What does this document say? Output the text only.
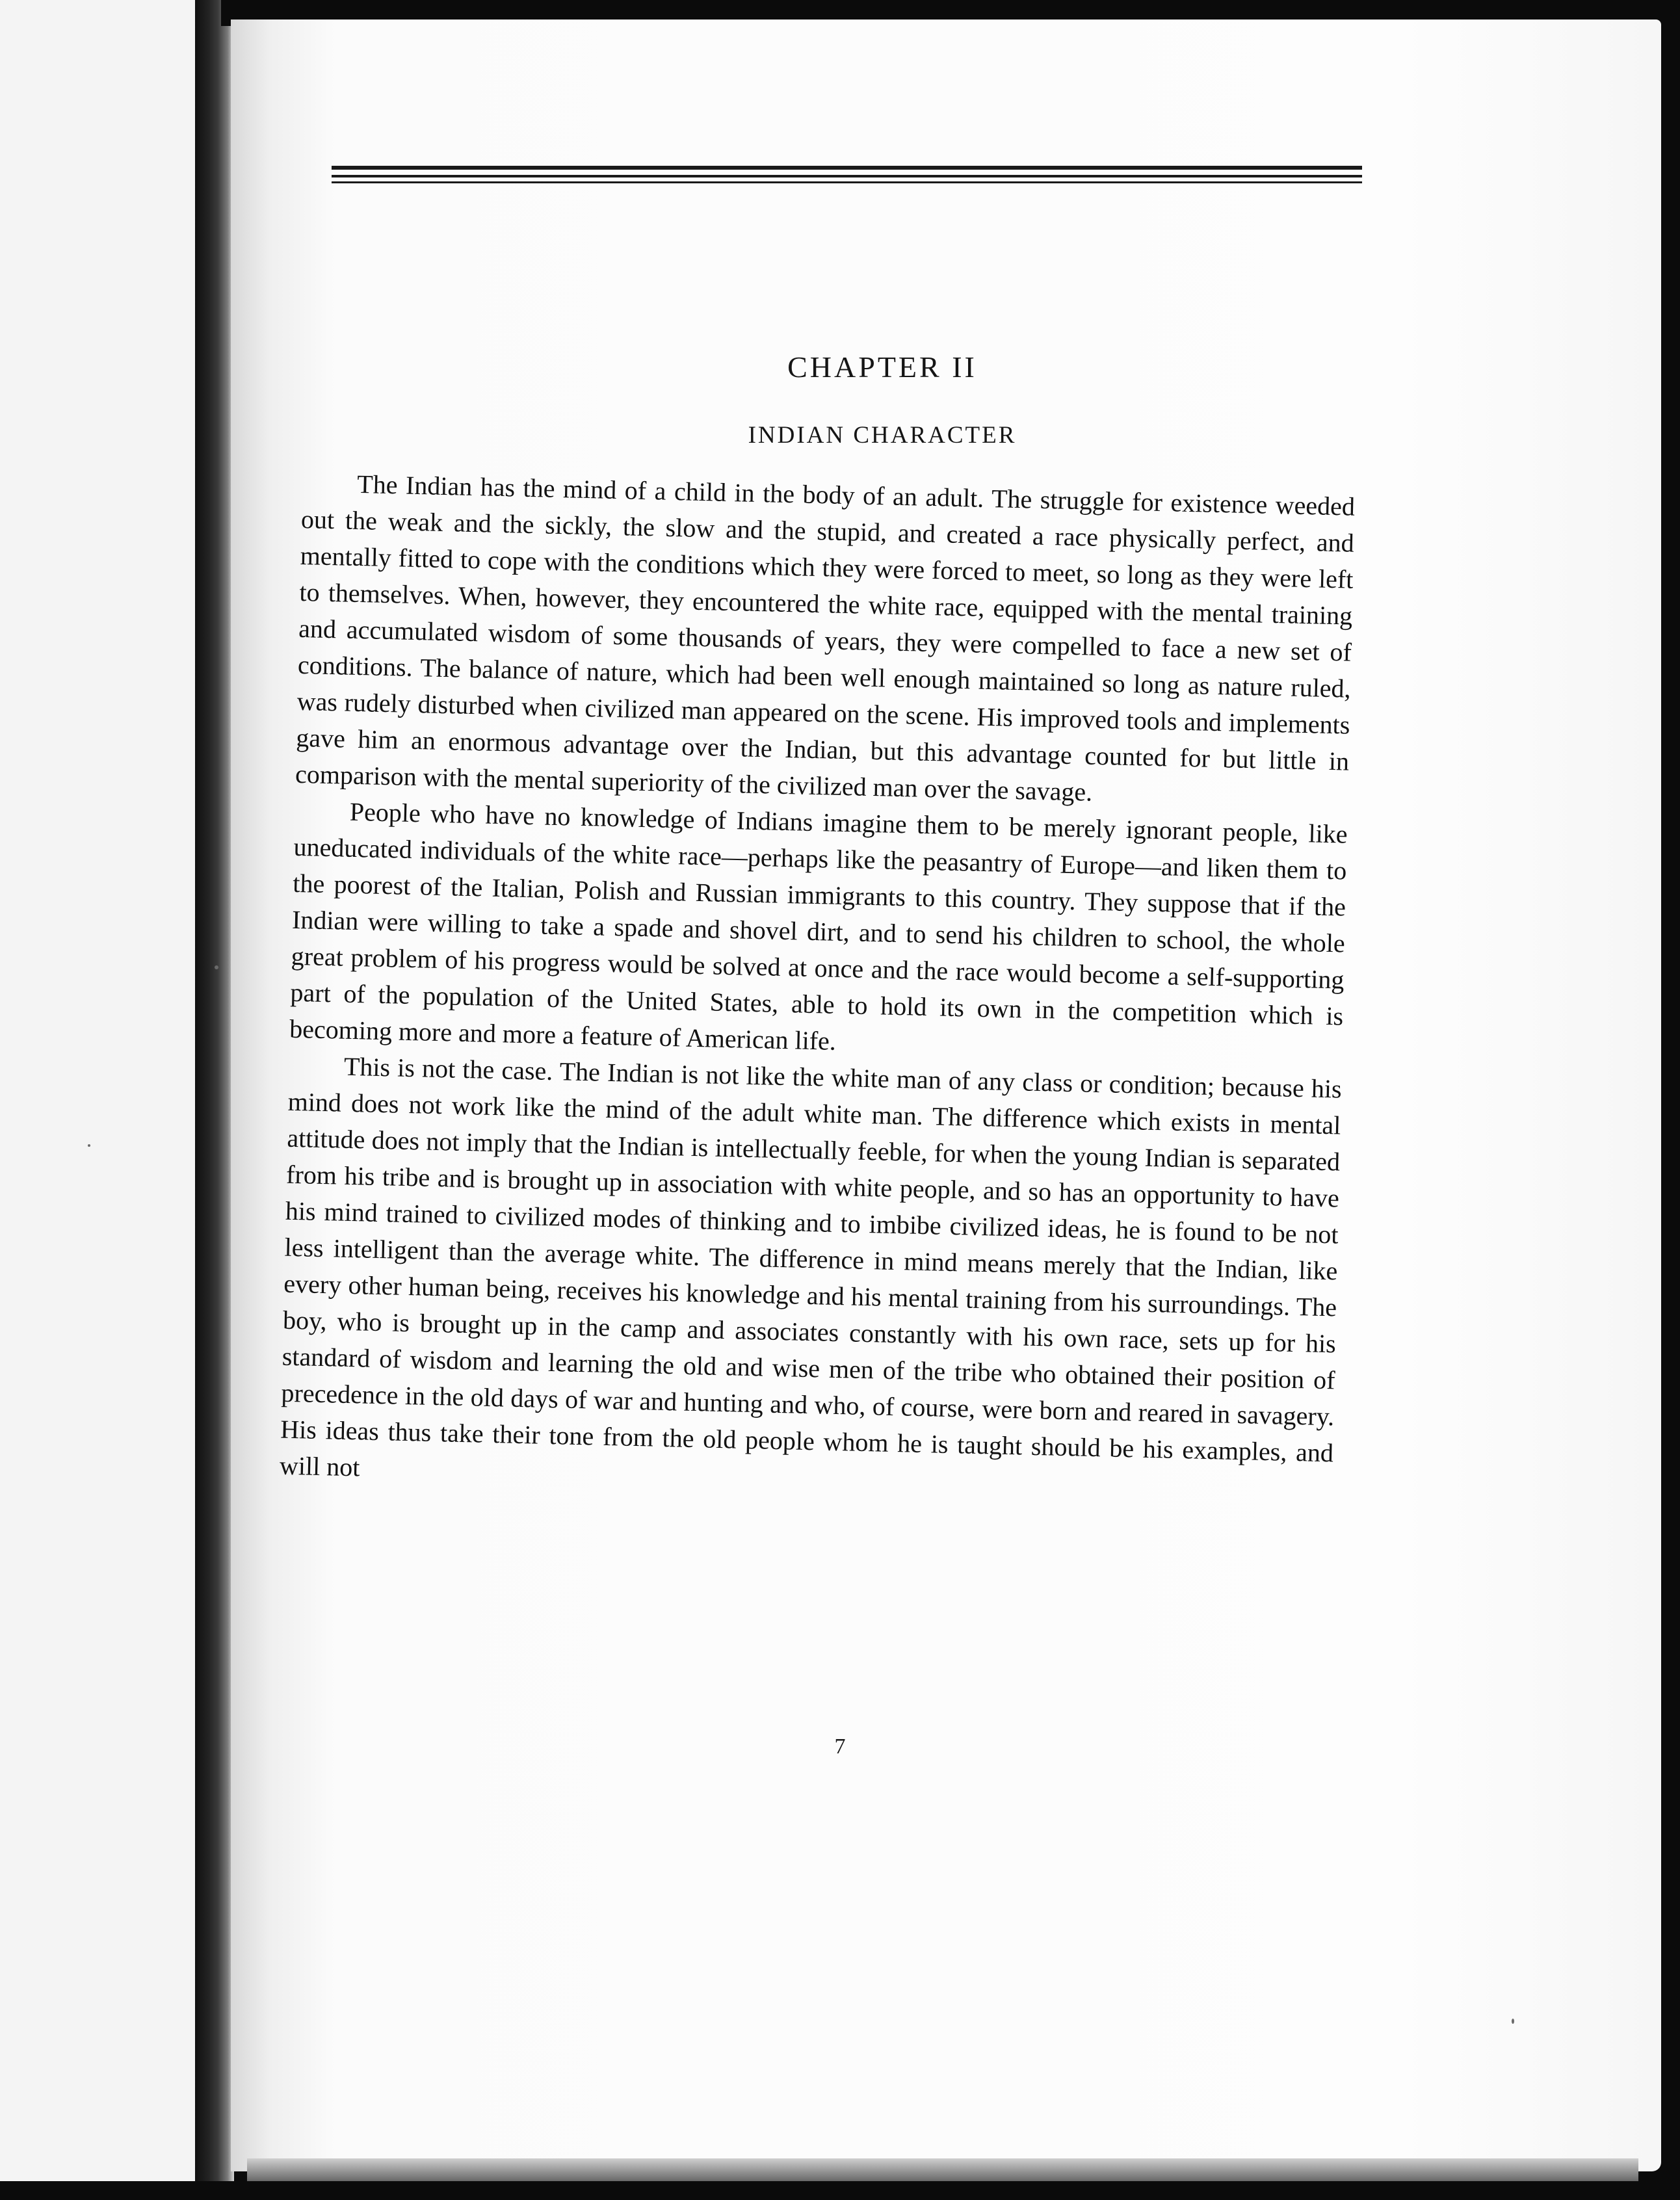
CHAPTER II
INDIAN CHARACTER

The Indian has the mind of a child in the body of an adult. The struggle for existence weeded out the weak and the sickly, the slow and the stupid, and created a race physically perfect, and mentally fitted to cope with the conditions which they were forced to meet, so long as they were left to themselves. When, however, they encountered the white race, equipped with the mental training and accumulated wisdom of some thousands of years, they were compelled to face a new set of conditions. The balance of nature, which had been well enough maintained so long as nature ruled, was rudely disturbed when civilized man appeared on the scene. His improved tools and implements gave him an enormous advantage over the Indian, but this advantage counted for but little in comparison with the mental superiority of the civilized man over the savage.

People who have no knowledge of Indians imagine them to be merely ignorant people, like uneducated individuals of the white race—perhaps like the peasantry of Europe—and liken them to the poorest of the Italian, Polish and Russian immigrants to this country. They suppose that if the Indian were willing to take a spade and shovel dirt, and to send his children to school, the whole great problem of his progress would be solved at once and the race would become a self-supporting part of the population of the United States, able to hold its own in the competition which is becoming more and more a feature of American life.

This is not the case. The Indian is not like the white man of any class or condition; because his mind does not work like the mind of the adult white man. The difference which exists in mental attitude does not imply that the Indian is intellectually feeble, for when the young Indian is separated from his tribe and is brought up in association with white people, and so has an opportunity to have his mind trained to civilized modes of thinking and to imbibe civilized ideas, he is found to be not less intelligent than the average white. The difference in mind means merely that the Indian, like every other human being, receives his knowledge and his mental training from his surroundings. The boy, who is brought up in the camp and associates constantly with his own race, sets up for his standard of wisdom and learning the old and wise men of the tribe who obtained their position of precedence in the old days of war and hunting and who, of course, were born and reared in savagery. His ideas thus take their tone from the old people whom he is taught should be his examples, and will not

7
